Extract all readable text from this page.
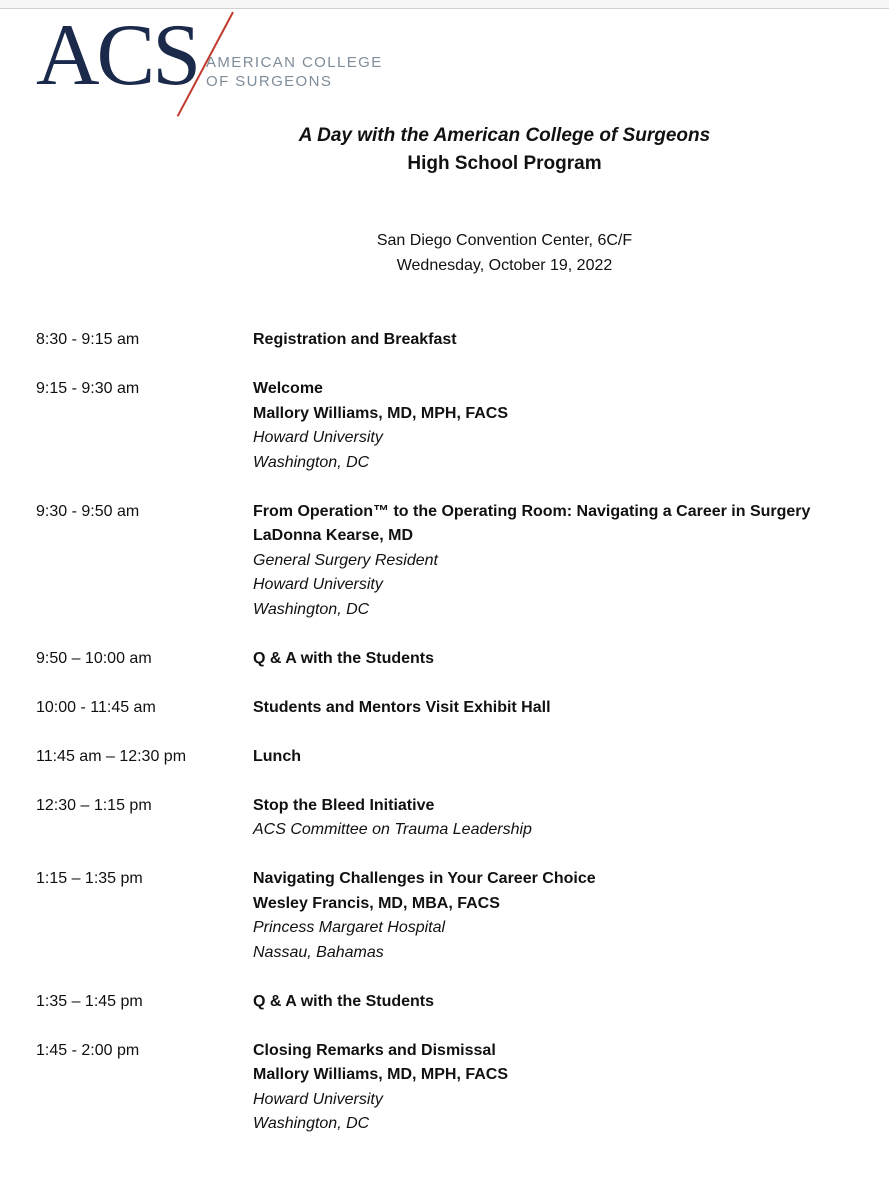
ACS AMERICAN COLLEGE
OF SURGEONS
A Day with the American College of Surgeons
High School Program
San Diego Convention Center, 6C/F
Wednesday, October 19, 2022
8:30 - 9:15 am	Registration and Breakfast
9:15 - 9:30 am	Welcome
Mallory Williams, MD, MPH, FACS
Howard University
Washington, DC
9:30 - 9:50 am	From Operation™ to the Operating Room: Navigating a Career in Surgery
LaDonna Kearse, MD
General Surgery Resident
Howard University
Washington, DC
9:50 – 10:00 am	Q & A with the Students
10:00 - 11:45 am	Students and Mentors Visit Exhibit Hall
11:45 am – 12:30 pm	Lunch
12:30 – 1:15 pm	Stop the Bleed Initiative
ACS Committee on Trauma Leadership
1:15 – 1:35 pm	Navigating Challenges in Your Career Choice
Wesley Francis, MD, MBA, FACS
Princess Margaret Hospital
Nassau, Bahamas
1:35 – 1:45 pm	Q & A with the Students
1:45 - 2:00 pm	Closing Remarks and Dismissal
Mallory Williams, MD, MPH, FACS
Howard University
Washington, DC
